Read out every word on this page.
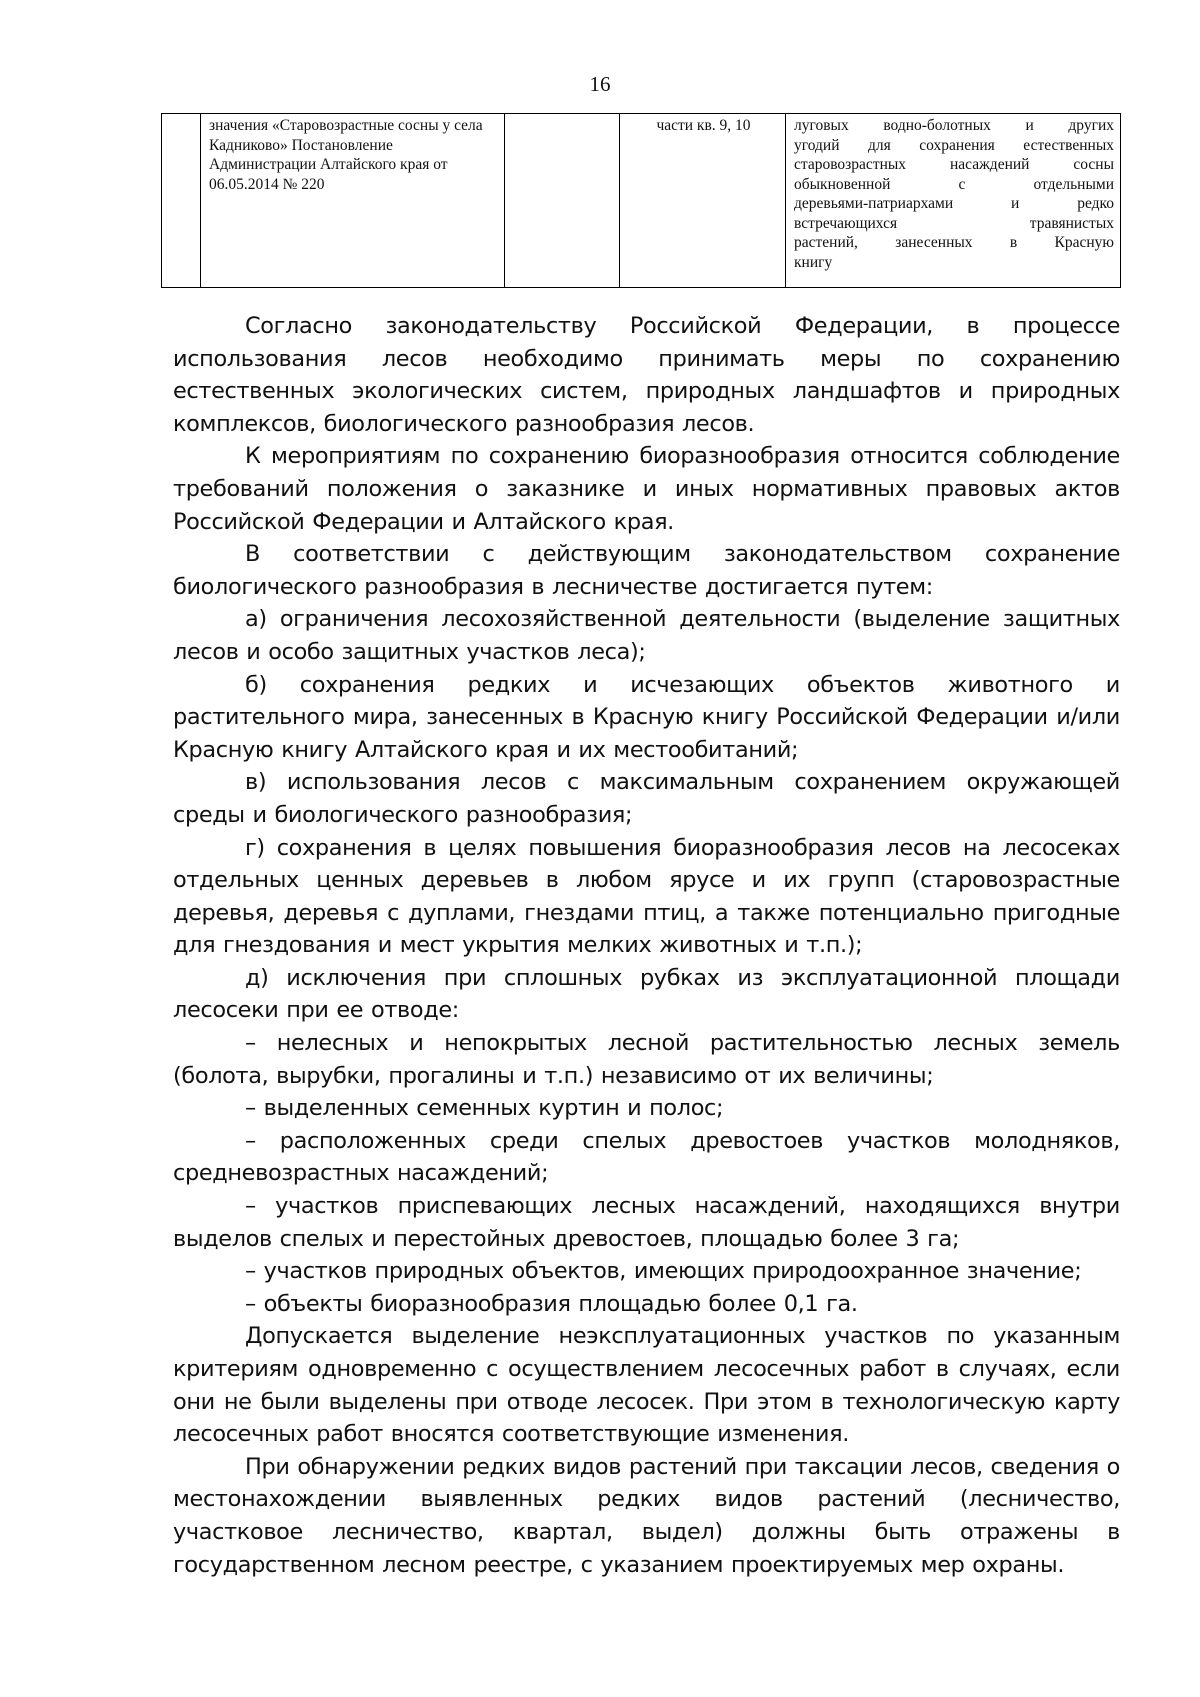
16
	значения «Старовозрастные сосны у села Кадниково» Постановление Администрации Алтайского края от 06.05.2014 № 220		части кв. 9, 10	луговых водно-болотных и других
угодий для сохранения естественных
старовозрастных насаждений сосны
обыкновенной с отдельными
деревьями-патриархами и редко
встречающихся травянистых
растений, занесенных в Красную
книгу

Согласно законодательству Российской Федерации, в процессе использования лесов необходимо принимать меры по сохранению естественных экологических систем, природных ландшафтов и природных комплексов, биологического разнообразия лесов.

К мероприятиям по сохранению биоразнообразия относится соблюдение требований положения о заказнике и иных нормативных правовых актов Российской Федерации и Алтайского края.

В соответствии с действующим законодательством сохранение биологического разнообразия в лесничестве достигается путем:

а) ограничения лесохозяйственной деятельности (выделение защитных лесов и особо защитных участков леса);

б) сохранения редких и исчезающих объектов животного и растительного мира, занесенных в Красную книгу Российской Федерации и/или Красную книгу Алтайского края и их местообитаний;

в) использования лесов с максимальным сохранением окружающей среды и биологического разнообразия;

г) сохранения в целях повышения биоразнообразия лесов на лесосеках отдельных ценных деревьев в любом ярусе и их групп (старовозрастные деревья, деревья с дуплами, гнездами птиц, а также потенциально пригодные для гнездования и мест укрытия мелких животных и т.п.);

д) исключения при сплошных рубках из эксплуатационной площади лесосеки при ее отводе:

– нелесных и непокрытых лесной растительностью лесных земель (болота, вырубки, прогалины и т.п.) независимо от их величины;

– выделенных семенных куртин и полос;

– расположенных среди спелых древостоев участков молодняков, средневозрастных насаждений;

– участков приспевающих лесных насаждений, находящихся внутри выделов спелых и перестойных древостоев, площадью более 3 га;

– участков природных объектов, имеющих природоохранное значение;

– объекты биоразнообразия площадью более 0,1 га.

Допускается выделение неэксплуатационных участков по указанным критериям одновременно с осуществлением лесосечных работ в случаях, если они не были выделены при отводе лесосек. При этом в технологическую карту лесосечных работ вносятся соответствующие изменения.

При обнаружении редких видов растений при таксации лесов, сведения о местонахождении выявленных редких видов растений (лесничество, участковое лесничество, квартал, выдел) должны быть отражены в государственном лесном реестре, с указанием проектируемых мер охраны.
